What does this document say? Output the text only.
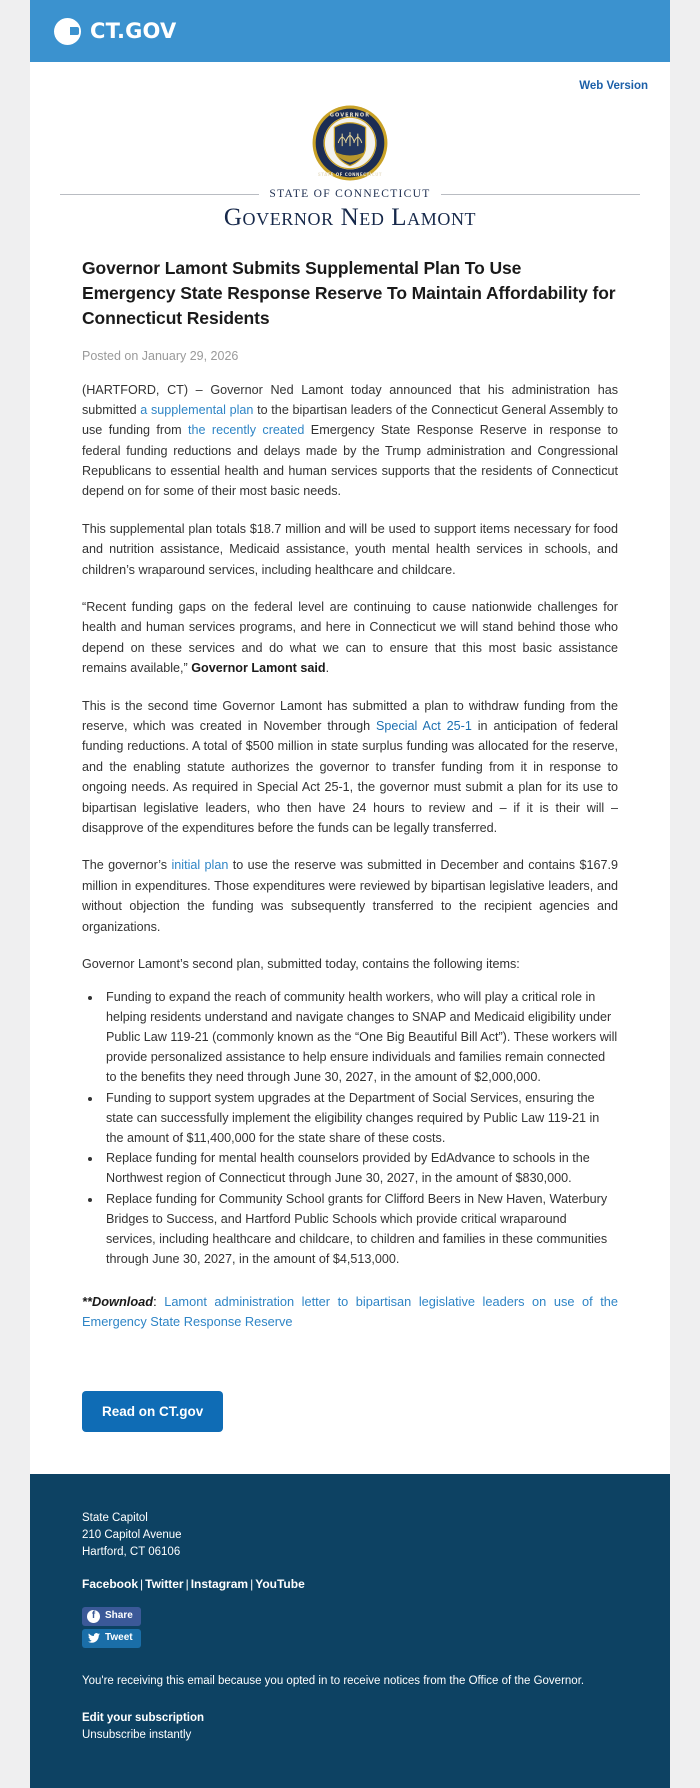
CT.GOV
Web Version
GOVERNOR
STATE OF CONNECTICUT
STATE OF CONNECTICUT
Governor Ned Lamont
Governor Lamont Submits Supplemental Plan To Use Emergency State Response Reserve To Maintain Affordability for Connecticut Residents
Posted on January 29, 2026

(HARTFORD, CT) – Governor Ned Lamont today announced that his administration has submitted a supplemental plan to the bipartisan leaders of the Connecticut General Assembly to use funding from the recently created Emergency State Response Reserve in response to federal funding reductions and delays made by the Trump administration and Congressional Republicans to essential health and human services supports that the residents of Connecticut depend on for some of their most basic needs.

This supplemental plan totals $18.7 million and will be used to support items necessary for food and nutrition assistance, Medicaid assistance, youth mental health services in schools, and children’s wraparound services, including healthcare and childcare.

“Recent funding gaps on the federal level are continuing to cause nationwide challenges for health and human services programs, and here in Connecticut we will stand behind those who depend on these services and do what we can to ensure that this most basic assistance remains available,” Governor Lamont said.

This is the second time Governor Lamont has submitted a plan to withdraw funding from the reserve, which was created in November through Special Act 25-1 in anticipation of federal funding reductions. A total of $500 million in state surplus funding was allocated for the reserve, and the enabling statute authorizes the governor to transfer funding from it in response to ongoing needs. As required in Special Act 25-1, the governor must submit a plan for its use to bipartisan legislative leaders, who then have 24 hours to review and – if it is their will – disapprove of the expenditures before the funds can be legally transferred.

The governor’s initial plan to use the reserve was submitted in December and contains $167.9 million in expenditures. Those expenditures were reviewed by bipartisan legislative leaders, and without objection the funding was subsequently transferred to the recipient agencies and organizations.

Governor Lamont’s second plan, submitted today, contains the following items:

• Funding to expand the reach of community health workers, who will play a critical role in helping residents understand and navigate changes to SNAP and Medicaid eligibility under Public Law 119-21 (commonly known as the “One Big Beautiful Bill Act”). These workers will provide personalized assistance to help ensure individuals and families remain connected to the benefits they need through June 30, 2027, in the amount of $2,000,000.
• Funding to support system upgrades at the Department of Social Services, ensuring the state can successfully implement the eligibility changes required by Public Law 119-21 in the amount of $11,400,000 for the state share of these costs.
• Replace funding for mental health counselors provided by EdAdvance to schools in the Northwest region of Connecticut through June 30, 2027, in the amount of $830,000.
• Replace funding for Community School grants for Clifford Beers in New Haven, Waterbury Bridges to Success, and Hartford Public Schools which provide critical wraparound services, including healthcare and childcare, to children and families in these communities through June 30, 2027, in the amount of $4,513,000.
**Download: Lamont administration letter to bipartisan legislative leaders on use of the Emergency State Response Reserve
Read on CT.gov
State Capitol
210 Capitol Avenue
Hartford, CT 06106
Facebook | Twitter | Instagram | YouTube
f Share

Tweet
You're receiving this email because you opted in to receive notices from the Office of the Governor.
Edit your subscription
Unsubscribe instantly
